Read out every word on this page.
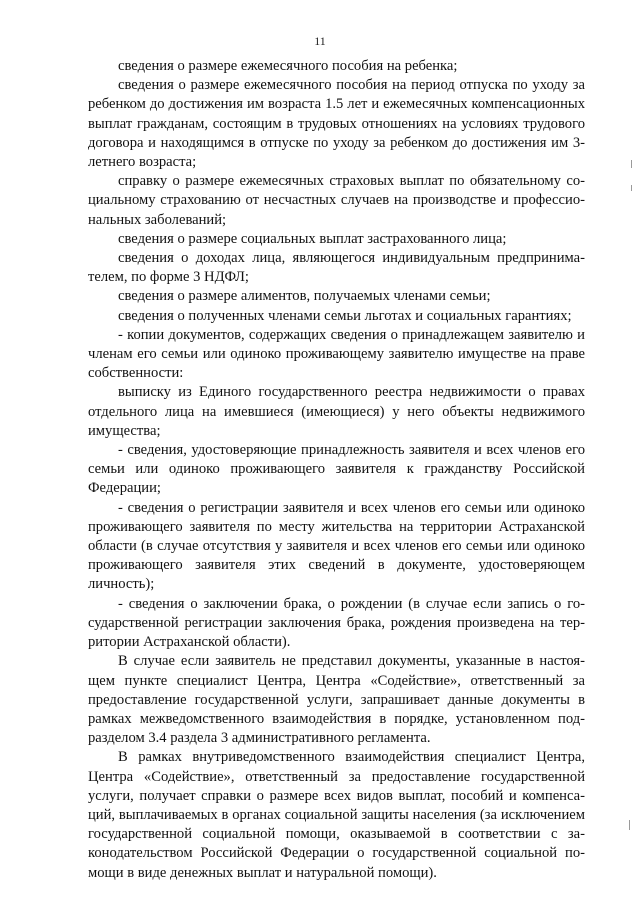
11

сведения о размере ежемесячного пособия на ребенка;

сведения о размере ежемесячного пособия на период отпуска по уходу за ребенком до достижения им возраста 1.5 лет и ежемесячных компенсационных выплат гражданам, состоящим в трудовых отношениях на условиях трудового договора и находящимся в отпуске по уходу за ребенком до достижения им 3-летнего возраста;

справку о размере ежемесячных страховых выплат по обязательному социальному страхованию от несчастных случаев на производстве и профессиональных заболеваний;

сведения о размере социальных выплат застрахованного лица;

сведения о доходах лица, являющегося индивидуальным предпринимателем, по форме 3 НДФЛ;

сведения о размере алиментов, получаемых членами семьи;

сведения о полученных членами семьи льготах и социальных гарантиях;

- копии документов, содержащих сведения о принадлежащем заявителю и членам его семьи или одиноко проживающему заявителю имуществе на праве собственности:

выписку из Единого государственного реестра недвижимости о правах отдельного лица на имевшиеся (имеющиеся) у него объекты недвижимого имущества;

- сведения, удостоверяющие принадлежность заявителя и всех членов его семьи или одиноко проживающего заявителя к гражданству Российской Федерации;

- сведения о регистрации заявителя и всех членов его семьи или одиноко проживающего заявителя по месту жительства на территории Астраханской области (в случае отсутствия у заявителя и всех членов его семьи или одиноко проживающего заявителя этих сведений в документе, удостоверяющем личность);

- сведения о заключении брака, о рождении (в случае если запись о государственной регистрации заключения брака, рождения произведена на территории Астраханской области).

В случае если заявитель не представил документы, указанные в настоящем пункте специалист Центра, Центра «Содействие», ответственный за предоставление государственной услуги, запрашивает данные документы в рамках межведомственного взаимодействия в порядке, установленном подразделом 3.4 раздела 3 административного регламента.

В рамках внутриведомственного взаимодействия специалист Центра, Центра «Содействие», ответственный за предоставление государственной услуги, получает справки о размере всех видов выплат, пособий и компенсаций, выплачиваемых в органах социальной защиты населения (за исключением государственной социальной помощи, оказываемой в соответствии с законодательством Российской Федерации о государственной социальной помощи в виде денежных выплат и натуральной помощи).
